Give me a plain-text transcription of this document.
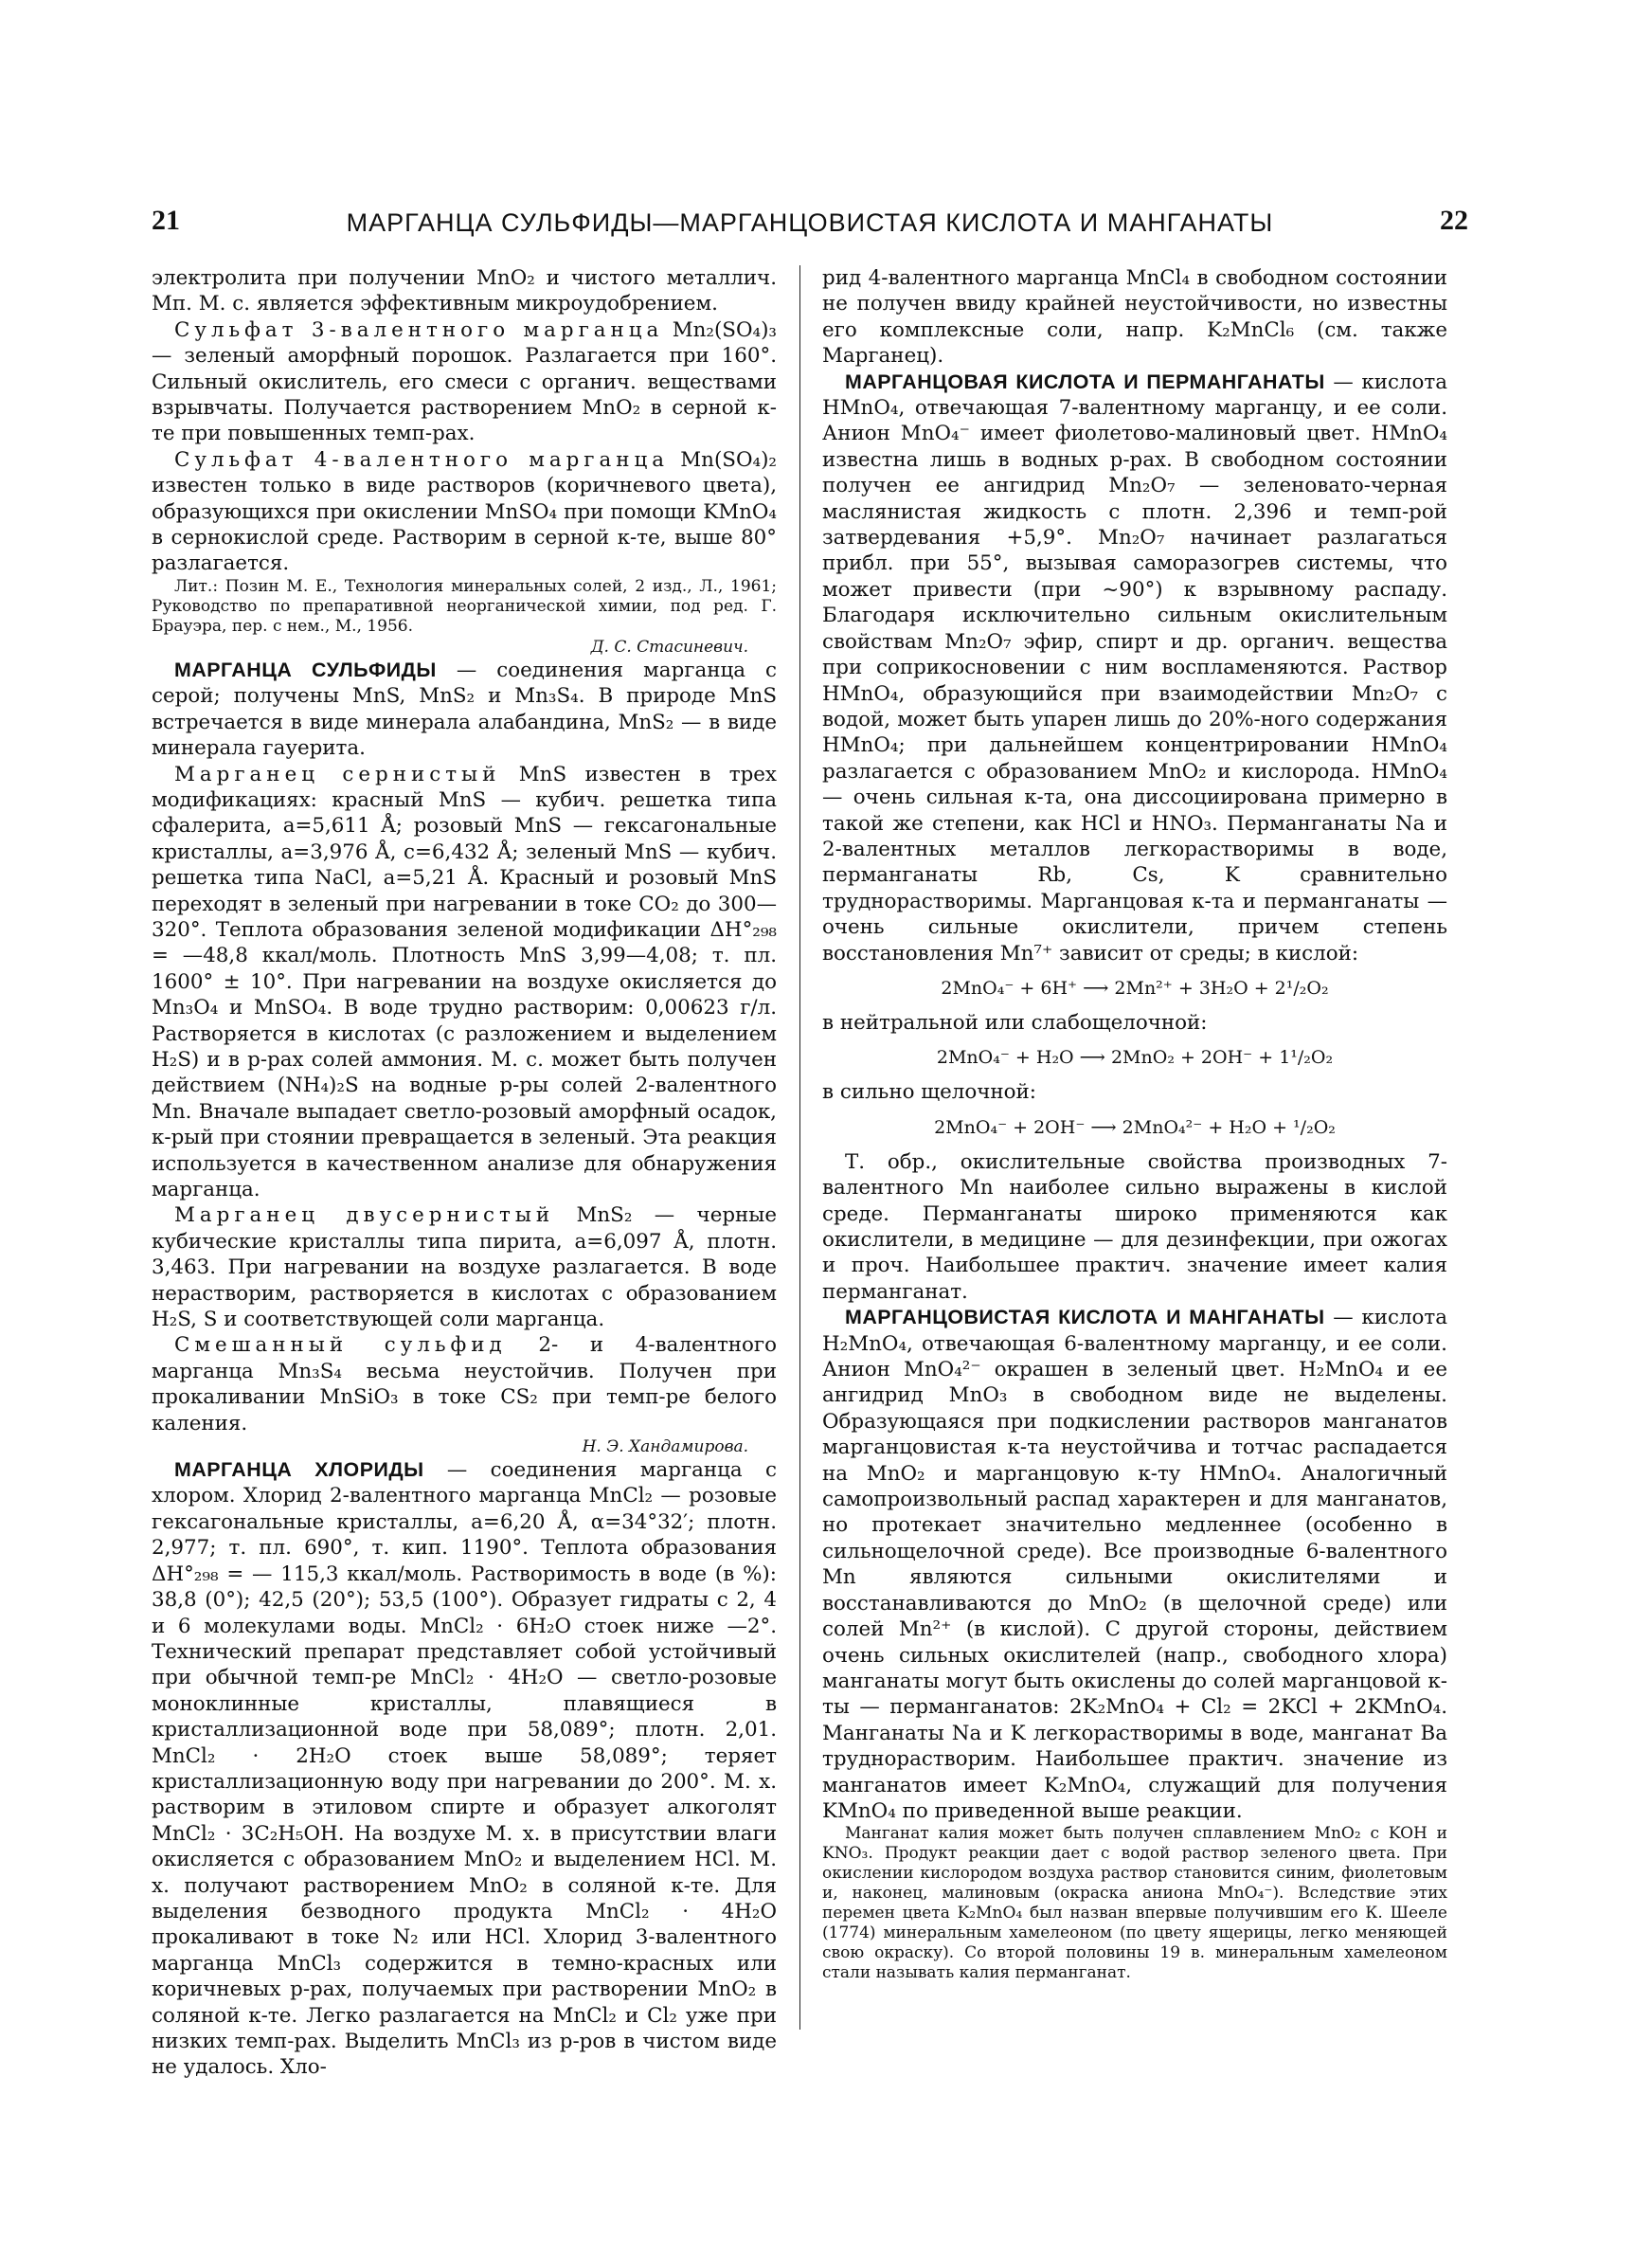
21	МАРГАНЦА СУЛЬФИДЫ—МАРГАНЦОВИСТАЯ КИСЛОТА И МАНГАНАТЫ	22

электролита при получении MnO₂ и чистого металлич. Мп. М. с. является эффективным микроудобрением.

Сульфат 3-валентного марганца Mn₂(SO₄)₃ — зеленый аморфный порошок. Разлагается при 160°. Сильный окислитель, его смеси с органич. веществами взрывчаты. Получается растворением MnO₂ в серной к-те при повышенных темп-рах.

Сульфат 4-валентного марганца Mn(SO₄)₂ известен только в виде растворов (коричневого цвета), образующихся при окислении MnSO₄ при помощи KMnO₄ в сернокислой среде. Растворим в серной к-те, выше 80° разлагается.

Лит.: Позин М. Е., Технология минеральных солей, 2 изд., Л., 1961; Руководство по препаративной неорганической химии, под ред. Г. Брауэра, пер. с нем., М., 1956.

Д. С. Стасиневич.

МАРГАНЦА СУЛЬФИДЫ — соединения марганца с серой; получены MnS, MnS₂ и Mn₃S₄. В природе MnS встречается в виде минерала алабандина, MnS₂ — в виде минерала гауерита.

Марганец сернистый MnS известен в трех модификациях: красный MnS — кубич. решетка типа сфалерита, a=5,611 Å; розовый MnS — гексагональные кристаллы, a=3,976 Å, c=6,432 Å; зеленый MnS — кубич. решетка типа NaCl, a=5,21 Å. Красный и розовый MnS переходят в зеленый при нагревании в токе CO₂ до 300—320°. Теплота образования зеленой модификации ΔH°₂₉₈ = —48,8 ккал/моль. Плотность MnS 3,99—4,08; т. пл. 1600° ± 10°. При нагревании на воздухе окисляется до Mn₃O₄ и MnSO₄. В воде трудно растворим: 0,00623 г/л. Растворяется в кислотах (с разложением и выделением H₂S) и в р-рах солей аммония. М. с. может быть получен действием (NH₄)₂S на водные р-ры солей 2-валентного Mn. Вначале выпадает светло-розовый аморфный осадок, к-рый при стоянии превращается в зеленый. Эта реакция используется в качественном анализе для обнаружения марганца.

Марганец двусернистый MnS₂ — черные кубические кристаллы типа пирита, a=6,097 Å, плотн. 3,463. При нагревании на воздухе разлагается. В воде нерастворим, растворяется в кислотах с образованием H₂S, S и соответствующей соли марганца.

Смешанный сульфид 2- и 4-валентного марганца Mn₃S₄ весьма неустойчив. Получен при прокаливании MnSiO₃ в токе CS₂ при темп-ре белого каления.

Н. Э. Хандамирова.

МАРГАНЦА ХЛОРИДЫ — соединения марганца с хлором. Хлорид 2-валентного марганца MnCl₂ — розовые гексагональные кристаллы, a=6,20 Å, α=34°32′; плотн. 2,977; т. пл. 690°, т. кип. 1190°. Теплота образования ΔH°₂₉₈ = — 115,3 ккал/моль. Растворимость в воде (в %): 38,8 (0°); 42,5 (20°); 53,5 (100°). Образует гидраты с 2, 4 и 6 молекулами воды. MnCl₂ · 6H₂O стоек ниже —2°. Технический препарат представляет собой устойчивый при обычной темп-ре MnCl₂ · 4H₂O — светло-розовые моноклинные кристаллы, плавящиеся в кристаллизационной воде при 58,089°; плотн. 2,01. MnCl₂ · 2H₂O стоек выше 58,089°; теряет кристаллизационную воду при нагревании до 200°. М. х. растворим в этиловом спирте и образует алкоголят MnCl₂ · 3C₂H₅OH. На воздухе М. х. в присутствии влаги окисляется с образованием MnO₂ и выделением HCl. М. х. получают растворением MnO₂ в соляной к-те. Для выделения безводного продукта MnCl₂ · 4H₂O прокаливают в токе N₂ или HCl. Хлорид 3-валентного марганца MnCl₃ содержится в темно-красных или коричневых р-рах, получаемых при растворении MnO₂ в соляной к-те. Легко разлагается на MnCl₂ и Cl₂ уже при низких темп-рах. Выделить MnCl₃ из р-ров в чистом виде не удалось. Хло-

рид 4-валентного марганца MnCl₄ в свободном состоянии не получен ввиду крайней неустойчивости, но известны его комплексные соли, напр. K₂MnCl₆ (см. также Марганец).

МАРГАНЦОВАЯ КИСЛОТА И ПЕРМАНГАНАТЫ — кислота HMnO₄, отвечающая 7-валентному марганцу, и ее соли. Анион MnO₄⁻ имеет фиолетово-малиновый цвет. HMnO₄ известна лишь в водных р-рах. В свободном состоянии получен ее ангидрид Mn₂O₇ — зеленовато-черная маслянистая жидкость с плотн. 2,396 и темп-рой затвердевания +5,9°. Mn₂O₇ начинает разлагаться прибл. при 55°, вызывая саморазогрев системы, что может привести (при ~90°) к взрывному распаду. Благодаря исключительно сильным окислительным свойствам Mn₂O₇ эфир, спирт и др. органич. вещества при соприкосновении с ним воспламеняются. Раствор HMnO₄, образующийся при взаимодействии Mn₂O₇ с водой, может быть упарен лишь до 20%-ного содержания HMnO₄; при дальнейшем концентрировании HMnO₄ разлагается с образованием MnO₂ и кислорода. HMnO₄ — очень сильная к-та, она диссоциирована примерно в такой же степени, как HCl и HNO₃. Перманганаты Na и 2-валентных металлов легкорастворимы в воде, перманганаты Rb, Cs, K сравнительно труднорастворимы. Марганцовая к-та и перманганаты — очень сильные окислители, причем степень восстановления Mn⁷⁺ зависит от среды; в кислой:

2MnO₄⁻ + 6H⁺ ⟶ 2Mn²⁺ + 3H₂O + 2¹/₂O₂

в нейтральной или слабощелочной:

2MnO₄⁻ + H₂O ⟶ 2MnO₂ + 2OH⁻ + 1¹/₂O₂

в сильно щелочной:

2MnO₄⁻ + 2OH⁻ ⟶ 2MnO₄²⁻ + H₂O + ¹/₂O₂

Т. обр., окислительные свойства производных 7-валентного Mn наиболее сильно выражены в кислой среде. Перманганаты широко применяются как окислители, в медицине — для дезинфекции, при ожогах и проч. Наибольшее практич. значение имеет калия перманганат.

МАРГАНЦОВИСТАЯ КИСЛОТА И МАНГАНАТЫ — кислота H₂MnO₄, отвечающая 6-валентному марганцу, и ее соли. Анион MnO₄²⁻ окрашен в зеленый цвет. H₂MnO₄ и ее ангидрид MnO₃ в свободном виде не выделены. Образующаяся при подкислении растворов манганатов марганцовистая к-та неустойчива и тотчас распадается на MnO₂ и марганцовую к-ту HMnO₄. Аналогичный самопроизвольный распад характерен и для манганатов, но протекает значительно медленнее (особенно в сильнощелочной среде). Все производные 6-валентного Mn являются сильными окислителями и восстанавливаются до MnO₂ (в щелочной среде) или солей Mn²⁺ (в кислой). С другой стороны, действием очень сильных окислителей (напр., свободного хлора) манганаты могут быть окислены до солей марганцовой к-ты — перманганатов: 2K₂MnO₄ + Cl₂ = 2KCl + 2KMnO₄. Манганаты Na и K легкорастворимы в воде, манганат Ba труднорастворим. Наибольшее практич. значение из манганатов имеет K₂MnO₄, служащий для получения KMnO₄ по приведенной выше реакции.

Манганат калия может быть получен сплавлением MnO₂ с KOH и KNO₃. Продукт реакции дает с водой раствор зеленого цвета. При окислении кислородом воздуха раствор становится синим, фиолетовым и, наконец, малиновым (окраска аниона MnO₄⁻). Вследствие этих перемен цвета K₂MnO₄ был назван впервые получившим его К. Шееле (1774) минеральным хамелеоном (по цвету ящерицы, легко меняющей свою окраску). Со второй половины 19 в. минеральным хамелеоном стали называть калия перманганат.
